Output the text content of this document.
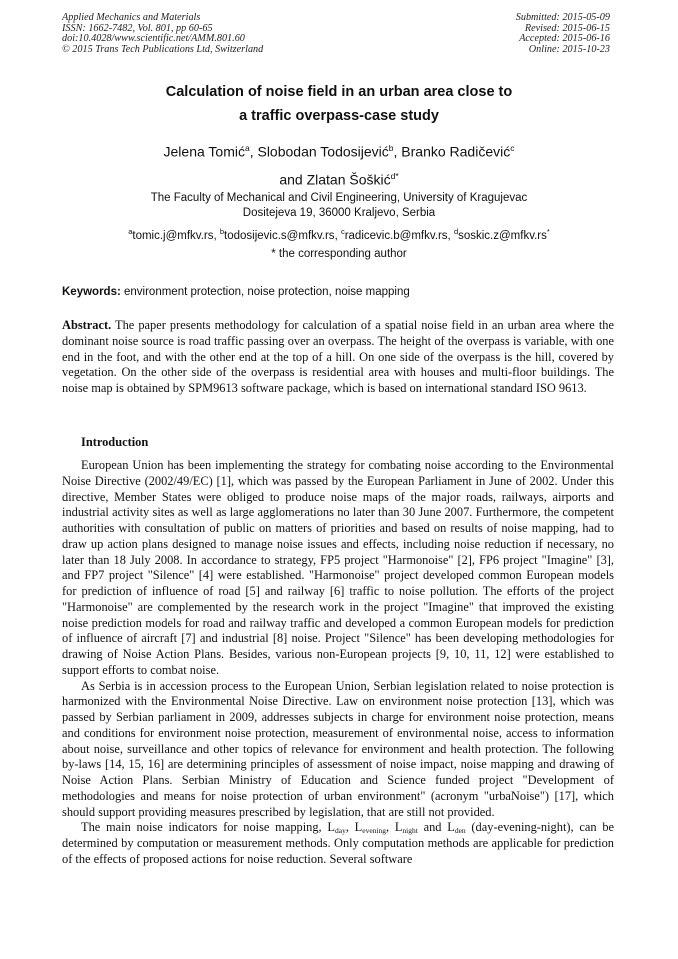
Applied Mechanics and Materials
ISSN: 1662-7482, Vol. 801, pp 60-65
doi:10.4028/www.scientific.net/AMM.801.60
© 2015 Trans Tech Publications Ltd, Switzerland
Submitted: 2015-05-09
Revised: 2015-06-15
Accepted: 2015-06-16
Online: 2015-10-23
Calculation of noise field in an urban area close to
a traffic overpass-case study
Jelena Tomić$^a$, Slobodan Todosijević$^b$, Branko Radičević$^c$
and Zlatan Šoškić$^{d*}$
The Faculty of Mechanical and Civil Engineering, University of Kragujevac
Dositejeva 19, 36000 Kraljevo, Serbia
$^a$tomic.j@mfkv.rs, $^b$todosijevic.s@mfkv.rs, $^c$radicevic.b@mfkv.rs, $^d$soskic.z@mfkv.rs*
* the corresponding author
Keywords: environment protection, noise protection, noise mapping
Abstract. The paper presents methodology for calculation of a spatial noise field in an urban area where the dominant noise source is road traffic passing over an overpass. The height of the overpass is variable, with one end in the foot, and with the other end at the top of a hill. On one side of the overpass is the hill, covered by vegetation. On the other side of the overpass is residential area with houses and multi-floor buildings. The noise map is obtained by SPM9613 software package, which is based on international standard ISO 9613.
Introduction

European Union has been implementing the strategy for combating noise according to the Environmental Noise Directive (2002/49/EC) [1], which was passed by the European Parliament in June of 2002. Under this directive, Member States were obliged to produce noise maps of the major roads, railways, airports and industrial activity sites as well as large agglomerations no later than 30 June 2007. Furthermore, the competent authorities with consultation of public on matters of priorities and based on results of noise mapping, had to draw up action plans designed to manage noise issues and effects, including noise reduction if necessary, no later than 18 July 2008. In accordance to strategy, FP5 project "Harmonoise" [2], FP6 project "Imagine" [3], and FP7 project "Silence" [4] were established. "Harmonoise" project developed common European models for prediction of influence of road [5] and railway [6] traffic to noise pollution. The efforts of the project "Harmonoise" are complemented by the research work in the project "Imagine" that improved the existing noise prediction models for road and railway traffic and developed a common European models for prediction of influence of aircraft [7] and industrial [8] noise. Project "Silence" has been developing methodologies for drawing of Noise Action Plans. Besides, various non-European projects [9, 10, 11, 12] were established to support efforts to combat noise.

As Serbia is in accession process to the European Union, Serbian legislation related to noise protection is harmonized with the Environmental Noise Directive. Law on environment noise protection [13], which was passed by Serbian parliament in 2009, addresses subjects in charge for environment noise protection, means and conditions for environment noise protection, measurement of environmental noise, access to information about noise, surveillance and other topics of relevance for environment and health protection. The following by-laws [14, 15, 16] are determining principles of assessment of noise impact, noise mapping and drawing of Noise Action Plans. Serbian Ministry of Education and Science funded project "Development of methodologies and means for noise protection of urban environment" (acronym "urbaNoise") [17], which should support providing measures prescribed by legislation, that are still not provided.

The main noise indicators for noise mapping, $L_{day}$, $L_{evening}$, $L_{night}$ and $L_{den}$ (day-evening-night), can be determined by computation or measurement methods. Only computation methods are applicable for prediction of the effects of proposed actions for noise reduction. Several software
